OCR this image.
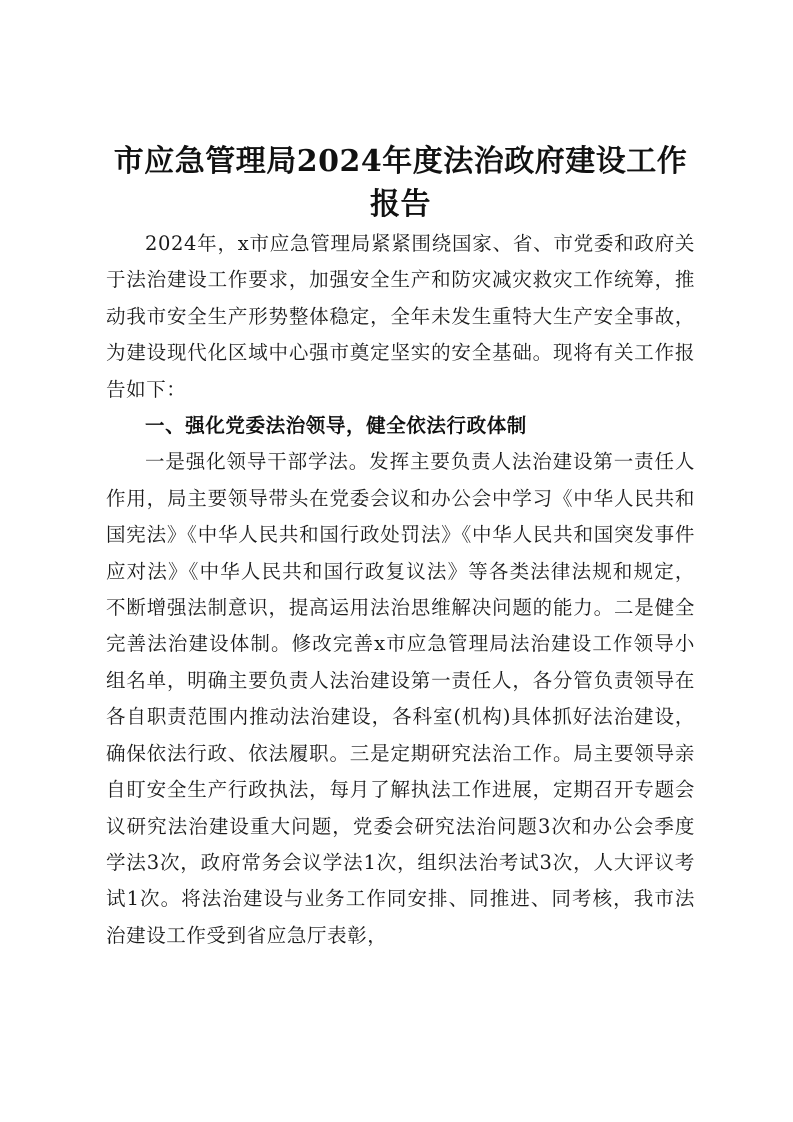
市应急管理局2024年度法治政府建设工作报告

2024年，x市应急管理局紧紧围绕国家、省、市党委和政府关于法治建设工作要求，加强安全生产和防灾减灾救灾工作统筹，推动我市安全生产形势整体稳定，全年未发生重特大生产安全事故，为建设现代化区域中心强市奠定坚实的安全基础。现将有关工作报告如下：

一、强化党委法治领导，健全依法行政体制

一是强化领导干部学法。发挥主要负责人法治建设第一责任人作用，局主要领导带头在党委会议和办公会中学习《中华人民共和国宪法》《中华人民共和国行政处罚法》《中华人民共和国突发事件应对法》《中华人民共和国行政复议法》等各类法律法规和规定，不断增强法制意识，提高运用法治思维解决问题的能力。二是健全完善法治建设体制。修改完善x市应急管理局法治建设工作领导小组名单，明确主要负责人法治建设第一责任人，各分管负责领导在各自职责范围内推动法治建设，各科室(机构)具体抓好法治建设，确保依法行政、依法履职。三是定期研究法治工作。局主要领导亲自盯安全生产行政执法，每月了解执法工作进展，定期召开专题会议研究法治建设重大问题，党委会研究法治问题3次和办公会季度学法3次，政府常务会议学法1次，组织法治考试3次，人大评议考试1次。将法治建设与业务工作同安排、同推进、同考核，我市法治建设工作受到省应急厅表彰，
